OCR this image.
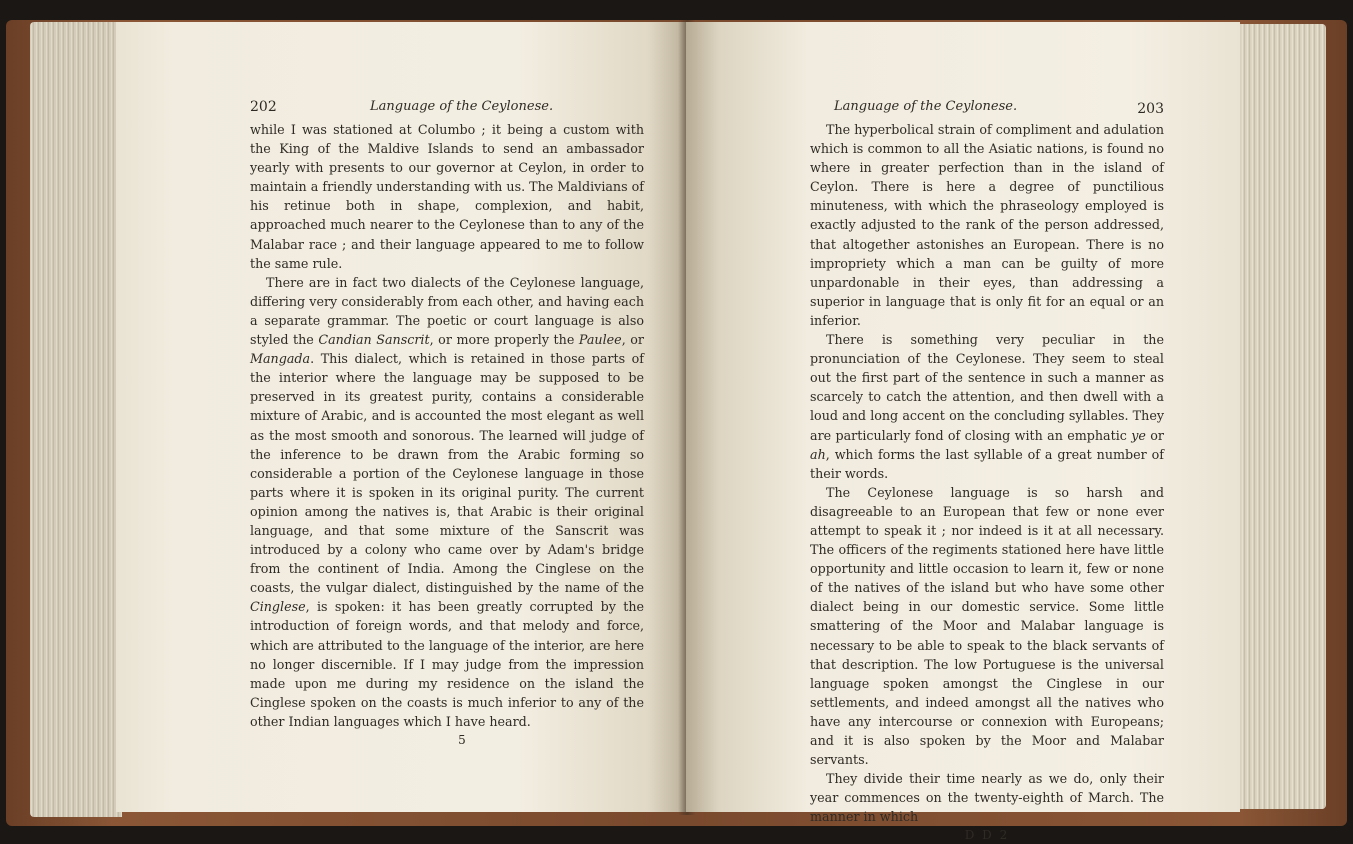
202	Language of the Ceylonese.

while I was stationed at Columbo ; it being a custom with the King of the Maldive Islands to send an ambassador yearly with presents to our governor at Ceylon, in order to maintain a friendly understanding with us. The Maldivians of his retinue both in shape, complexion, and habit, approached much nearer to the Ceylonese than to any of the Malabar race ; and their language appeared to me to follow the same rule.

There are in fact two dialects of the Ceylonese language, differing very considerably from each other, and having each a separate grammar. The poetic or court language is also styled the Candian Sanscrit, or more properly the Paulee, or Mangada. This dialect, which is retained in those parts of the interior where the language may be supposed to be preserved in its greatest purity, contains a considerable mixture of Arabic, and is accounted the most elegant as well as the most smooth and sonorous. The learned will judge of the inference to be drawn from the Arabic forming so considerable a portion of the Ceylonese language in those parts where it is spoken in its original purity. The current opinion among the natives is, that Arabic is their original language, and that some mixture of the Sanscrit was introduced by a colony who came over by Adam's bridge from the continent of India. Among the Cinglese on the coasts, the vulgar dialect, distinguished by the name of the Cinglese, is spoken: it has been greatly corrupted by the introduction of foreign words, and that melody and force, which are attributed to the language of the interior, are here no longer discernible. If I may judge from the impression made upon me during my residence on the island the Cinglese spoken on the coasts is much inferior to any of the other Indian languages which I have heard.

5
Language of the Ceylonese.	203

The hyperbolical strain of compliment and adulation which is common to all the Asiatic nations, is found no where in greater perfection than in the island of Ceylon. There is here a degree of punctilious minuteness, with which the phraseology employed is exactly adjusted to the rank of the person addressed, that altogether astonishes an European. There is no impropriety which a man can be guilty of more unpardonable in their eyes, than addressing a superior in language that is only fit for an equal or an inferior.

There is something very peculiar in the pronunciation of the Ceylonese. They seem to steal out the first part of the sentence in such a manner as scarcely to catch the attention, and then dwell with a loud and long accent on the concluding syllables. They are particularly fond of closing with an emphatic ye or ah, which forms the last syllable of a great number of their words.

The Ceylonese language is so harsh and disagreeable to an European that few or none ever attempt to speak it ; nor indeed is it at all necessary. The officers of the regiments stationed here have little opportunity and little occasion to learn it, few or none of the natives of the island but who have some other dialect being in our domestic service. Some little smattering of the Moor and Malabar language is necessary to be able to speak to the black servants of that description. The low Portuguese is the universal language spoken amongst the Cinglese in our settlements, and indeed amongst all the natives who have any intercourse or connexion with Europeans; and it is also spoken by the Moor and Malabar servants.

They divide their time nearly as we do, only their year commences on the twenty-eighth of March. The manner in which

D D 2
